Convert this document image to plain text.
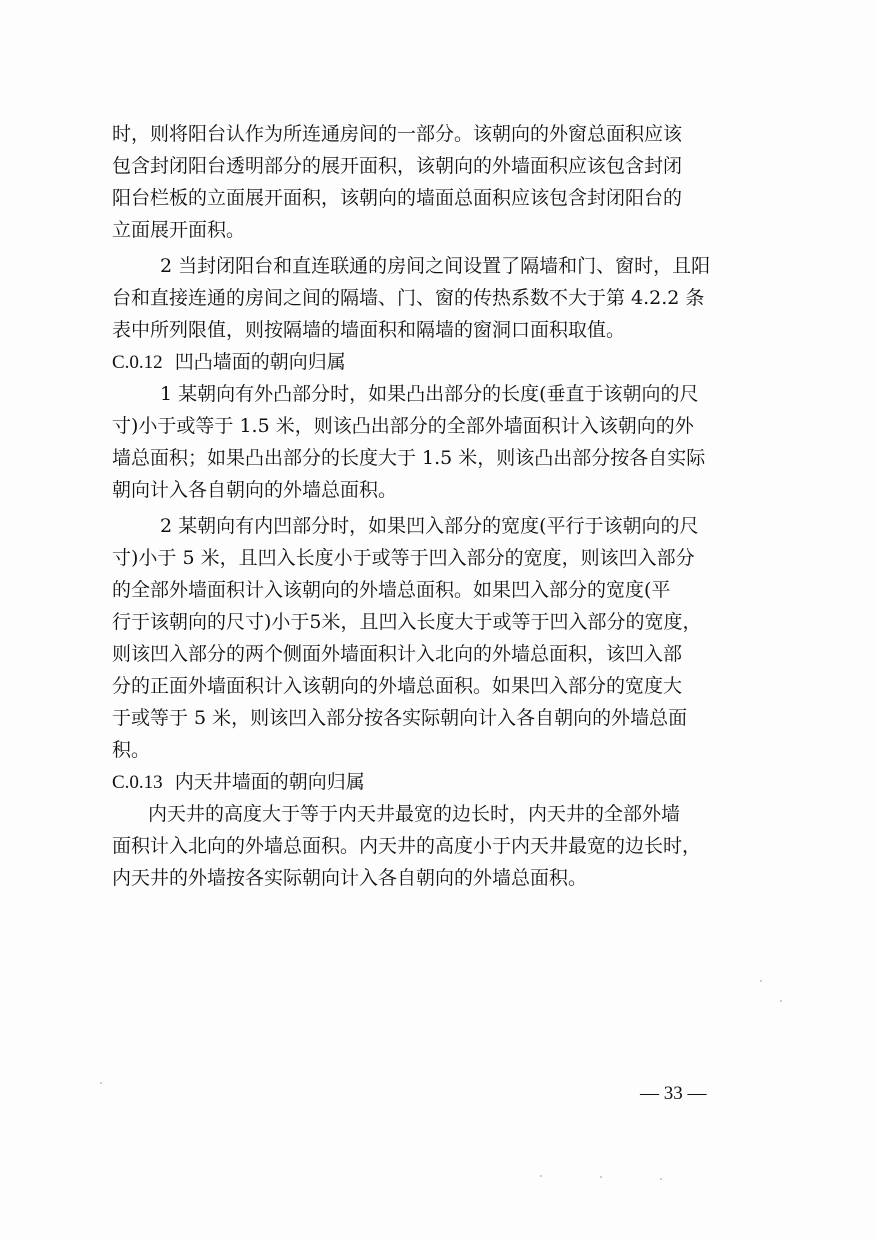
时，则将阳台认作为所连通房间的一部分。该朝向的外窗总面积应该
包含封闭阳台透明部分的展开面积，该朝向的外墙面积应该包含封闭
阳台栏板的立面展开面积，该朝向的墙面总面积应该包含封闭阳台的
立面展开面积。
2 当封闭阳台和直连联通的房间之间设置了隔墙和门、窗时，且阳
台和直接连通的房间之间的隔墙、门、窗的传热系数不大于第 4.2.2 条
表中所列限值，则按隔墙的墙面积和隔墙的窗洞口面积取值。
C.0.12 凹凸墙面的朝向归属
1 某朝向有外凸部分时，如果凸出部分的长度(垂直于该朝向的尺
寸)小于或等于 1.5 米，则该凸出部分的全部外墙面积计入该朝向的外
墙总面积；如果凸出部分的长度大于 1.5 米，则该凸出部分按各自实际
朝向计入各自朝向的外墙总面积。
2 某朝向有内凹部分时，如果凹入部分的宽度(平行于该朝向的尺
寸)小于 5 米，且凹入长度小于或等于凹入部分的宽度，则该凹入部分
的全部外墙面积计入该朝向的外墙总面积。如果凹入部分的宽度(平
行于该朝向的尺寸)小于5米，且凹入长度大于或等于凹入部分的宽度，
则该凹入部分的两个侧面外墙面积计入北向的外墙总面积，该凹入部
分的正面外墙面积计入该朝向的外墙总面积。如果凹入部分的宽度大
于或等于 5 米，则该凹入部分按各实际朝向计入各自朝向的外墙总面
积。
C.0.13 内天井墙面的朝向归属
内天井的高度大于等于内天井最宽的边长时，内天井的全部外墙
面积计入北向的外墙总面积。内天井的高度小于内天井最宽的边长时，
内天井的外墙按各实际朝向计入各自朝向的外墙总面积。
— 33 —
